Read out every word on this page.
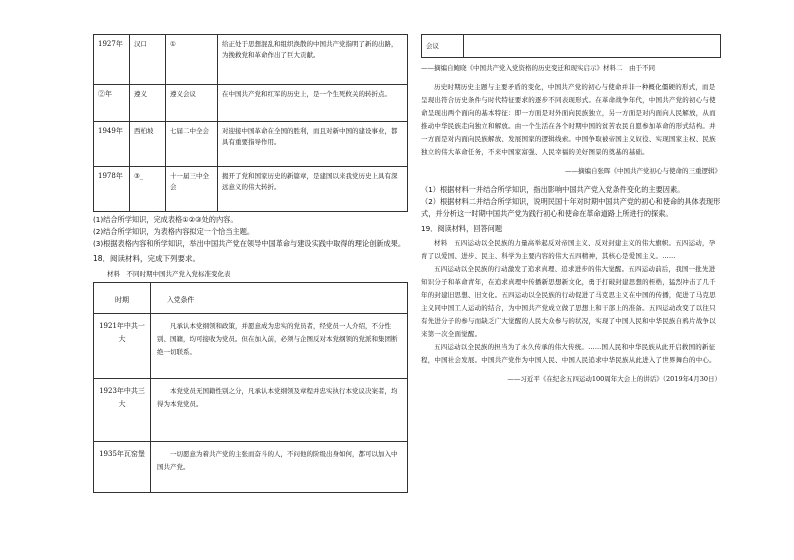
1927年	汉口	①	给正处于思想混乱和组织涣散的中国共产党指明了新的出路，为挽救党和革命作出了巨大贡献。
②年	遵义	遵义会议	在中国共产党和红军的历史上，是一个生死攸关的转折点。
1949年	西柏坡	七届二中全会	对迎接中国革命在全国的胜利，而且对新中国的建设事业，都具有重要指导作用。
1978年	③_	十一届三中全会	揭开了党和国家历史的新篇章，是建国以来我党历史上具有深远意义的伟大转折。

(1)结合所学知识，完成表格①②③处的内容。

(2)结合所学知识，为表格内容拟定一个恰当主题。

(3)根据表格内容和所学知识，举出中国共产党在领导中国革命与建设实践中取得的理论创新成果。

18．阅读材料，完成下列要求。
材料　不同时期中国共产党入党标准变化表
时期	入党条件
1921年中共一大	凡承认本党纲领和政策，并愿意成为忠实的党员者，经党员一人介绍，不分性别、国籍，均可接收为党员。但在加入前，必须与企图反对本党纲领的党派和集团断绝一切联系。
1923年中共三大	本党党员无国籍性别之分，凡承认本党纲领及章程并忠实执行本党议决案者，均得为本党党员。
1935年瓦窑堡	一切愿意为着共产党的主张而奋斗的人，不问他的阶级出身如何，都可以加入中国共产党。
会议

——摘编自鲍晓《中国共产党入党资格的历史变迁和现实启示》材料二　由于不同

历史时期历史主题与主要矛盾的变化，中国共产党的初心与使命并非一种概化僵硬的形式，而是呈现出符合历史条件与时代特征要求的逐步不同表现形式。在革命战争年代，中国共产党的初心与使命呈现出两个面向的基本特征：即一方面是对外面向民族独立，另一方面是对内面向人民解放，从而推动中华民族走向独立和解放。由一个生活在各个时期中国的贫苦农民自愿参加革命的形式结构。并一方面是对内面向民族解放、发展国家的逻辑线索。中国争取被帝国主义奴役、实现国家主权、民族独立的伟大革命任务，不来中国家富强、人民幸福的美好图景的奠基的基础。

——摘编自张晖《中国共产党初心与使命的三重逻辑》

（1）根据材料一并结合所学知识，指出影响中国共产党入党条件变化的主要因素。

（2）根据材料二并结合所学知识，说明民国十年对时期中国共产党的初心和使命的具体表现形式，并分析这一时期中国共产党为践行初心和使命在革命道路上所进行的探索。

19．阅读材料，回答问题

材料　五四运动以全民族的力量高举起反对帝国主义、反对封建主义的伟大旗帜。五四运动，孕育了以爱国、进步、民主、科学为主要内容的伟大五四精神，其核心是爱国主义。……

五四运动以全民族的行动激发了追求真理、追求进步的伟大觉醒。五四运动前后，我国一批先进知识分子和革命青年，在追求真理中传播新思想新文化，勇于打破封建思想的桎梏，猛烈冲击了几千年的封建旧思想、旧文化。五四运动以全民族的行动促进了马克思主义在中国的传播，促进了马克思主义同中国工人运动的结合，为中国共产党成立做了思想上和干部上的准备。五四运动改变了以往只有先进分子的参与而缺乏广大觉醒的人民大众参与的状况，实现了中国人民和中华民族自鸦片战争以来第一次全面觉醒。

五四运动以全民族的担当为了永久传承的伟大传统。……国人民和中华民族从此开启救国的新征程，中国社会发展。中国共产党作为中国人民、中国人民追求中华民族从此进入了世界舞台的中心。

——习近平《在纪念五四运动100周年大会上的讲话》（2019年4月30日）
